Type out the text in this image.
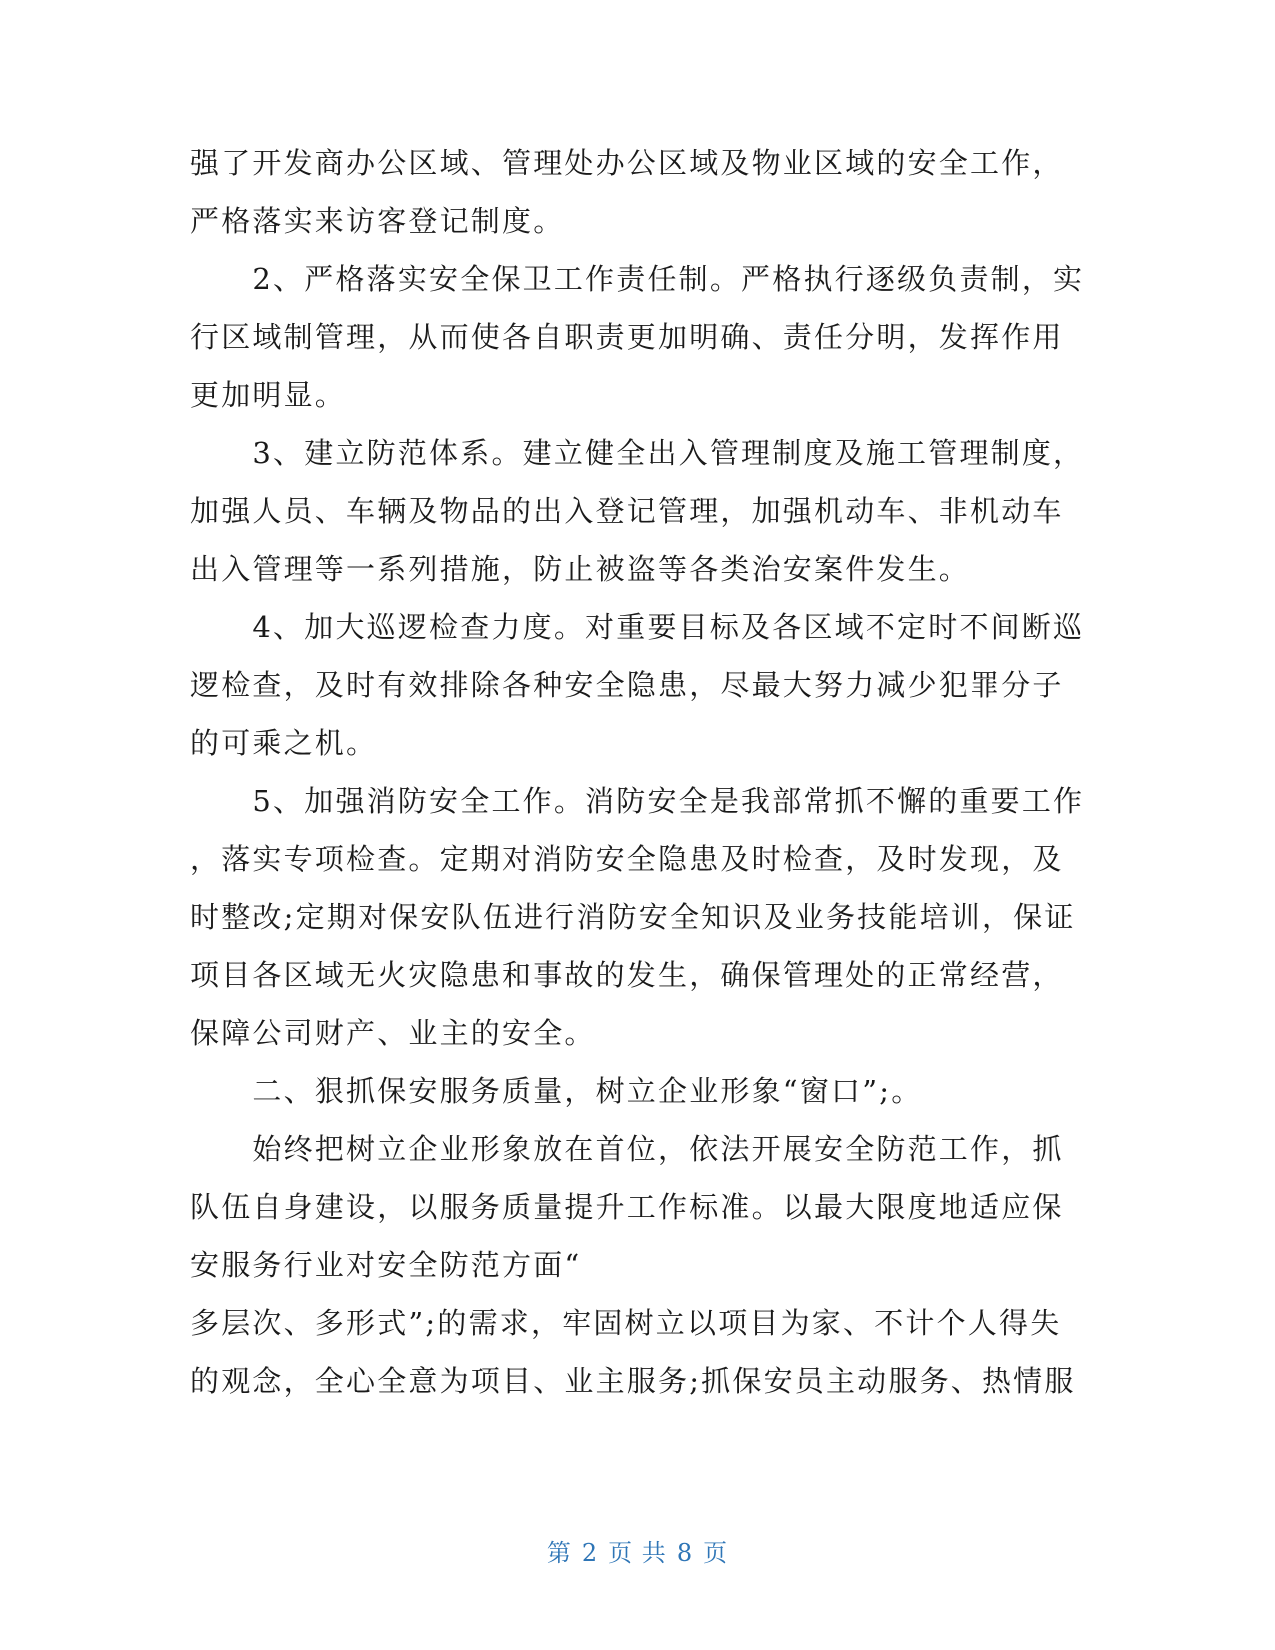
强了开发商办公区域、管理处办公区域及物业区域的安全工作，
严格落实来访客登记制度。
　　2、严格落实安全保卫工作责任制。严格执行逐级负责制，实
行区域制管理，从而使各自职责更加明确、责任分明，发挥作用
更加明显。
　　3、建立防范体系。建立健全出入管理制度及施工管理制度，
加强人员、车辆及物品的出入登记管理，加强机动车、非机动车
出入管理等一系列措施，防止被盗等各类治安案件发生。
　　4、加大巡逻检查力度。对重要目标及各区域不定时不间断巡
逻检查，及时有效排除各种安全隐患，尽最大努力减少犯罪分子
的可乘之机。
　　5、加强消防安全工作。消防安全是我部常抓不懈的重要工作
，落实专项检查。定期对消防安全隐患及时检查，及时发现，及
时整改;定期对保安队伍进行消防安全知识及业务技能培训，保证
项目各区域无火灾隐患和事故的发生，确保管理处的正常经营，
保障公司财产、业主的安全。
　　二、狠抓保安服务质量，树立企业形象“窗口”;。
　　始终把树立企业形象放在首位，依法开展安全防范工作，抓
队伍自身建设，以服务质量提升工作标准。以最大限度地适应保
安服务行业对安全防范方面“
多层次、多形式”;的需求，牢固树立以项目为家、不计个人得失
的观念，全心全意为项目、业主服务;抓保安员主动服务、热情服
第 2 页 共 8 页
